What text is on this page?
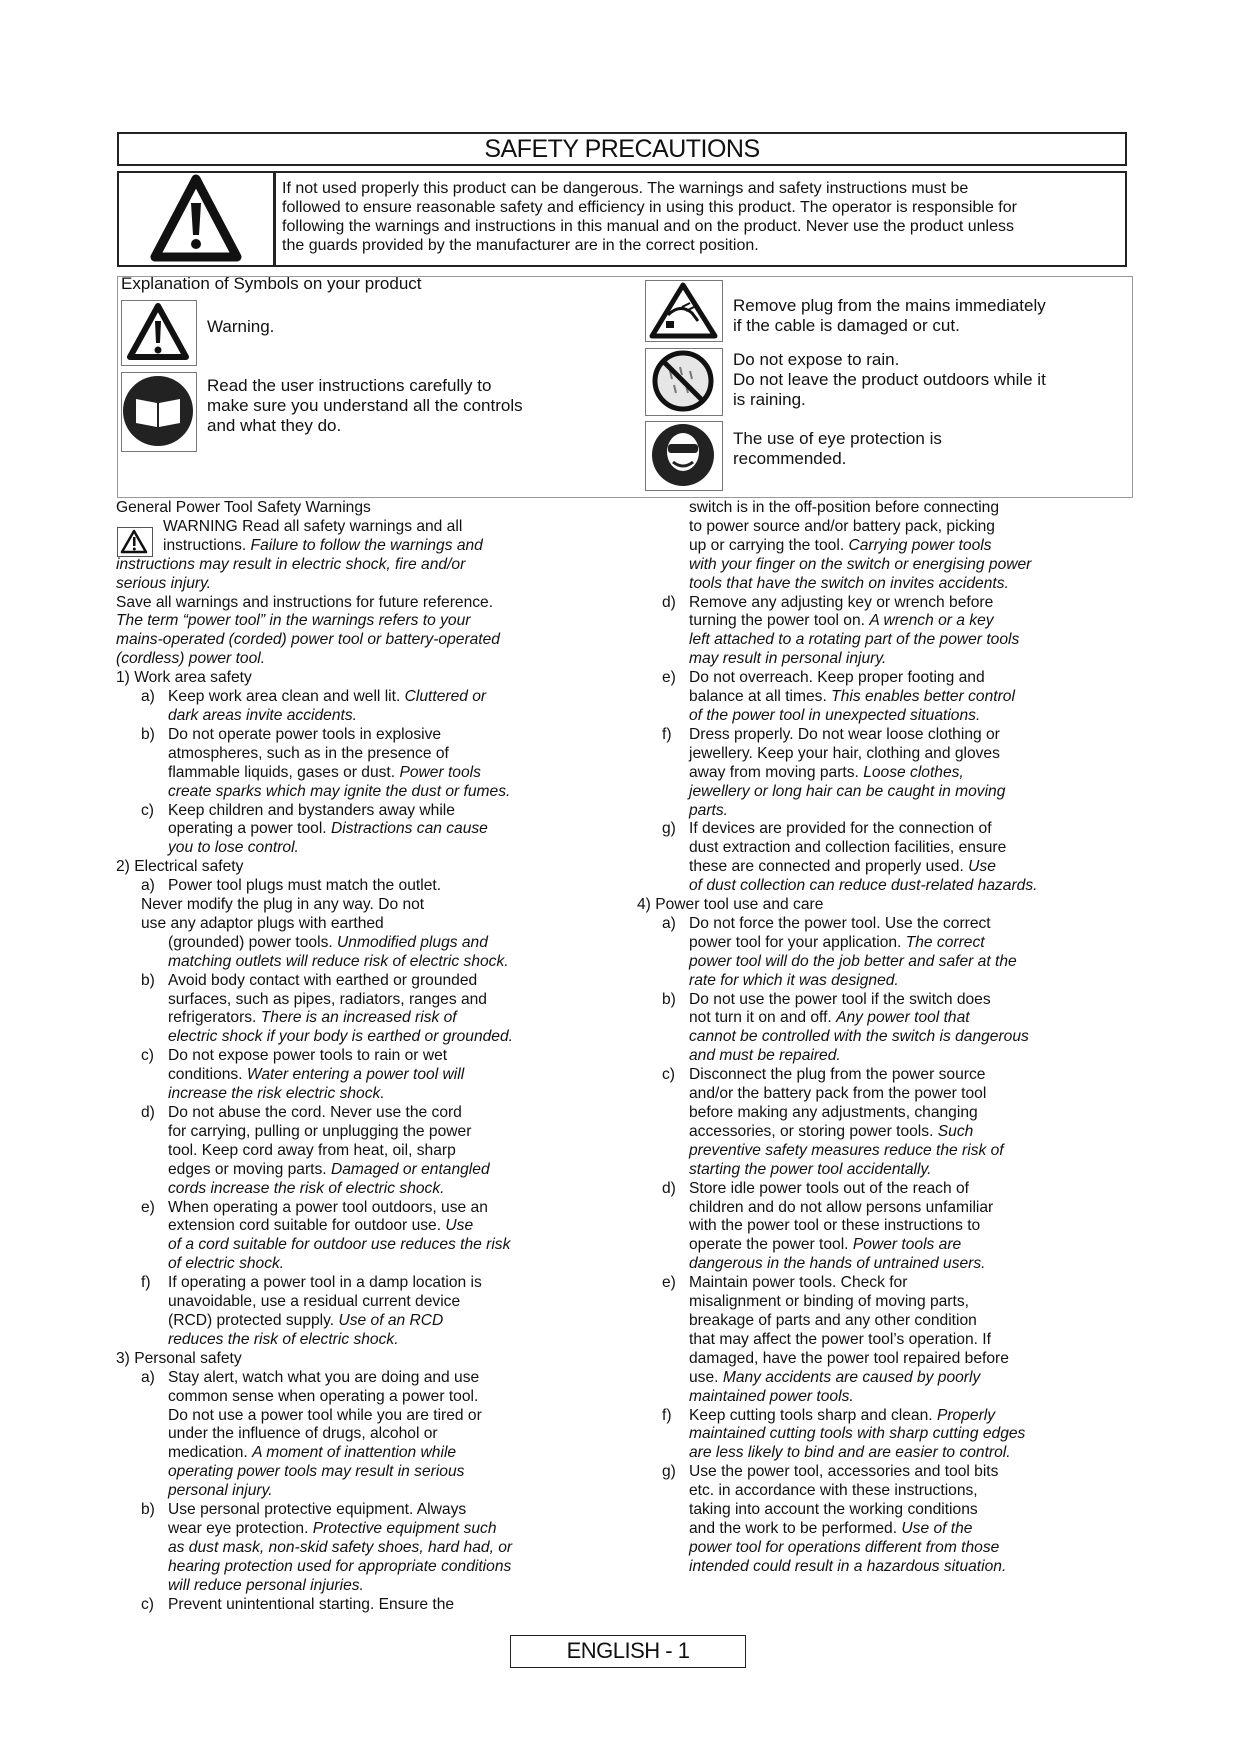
SAFETY PRECAUTIONS
If not used properly this product can be dangerous. The warnings and safety instructions must be
followed to ensure reasonable safety and efficiency in using this product. The operator is responsible for
following the warnings and instructions in this manual and on the product. Never use the product unless
the guards provided by the manufacturer are in the correct position.
Explanation of Symbols on your product
Warning.
Read the user instructions carefully to
make sure you understand all the controls
and what they do.
Remove plug from the mains immediately
if the cable is damaged or cut.
Do not expose to rain.
Do not leave the product outdoors while it
is raining.
The use of eye protection is
recommended.
General Power Tool Safety Warnings
WARNING Read all safety warnings and all
instructions. Failure to follow the warnings and
instructions may result in electric shock, fire and/or
serious injury.
Save all warnings and instructions for future reference.
The term “power tool” in the warnings refers to your
mains-operated (corded) power tool or battery-operated
(cordless) power tool.
1) Work area safety
a) Keep work area clean and well lit. Cluttered or
dark areas invite accidents.
b) Do not operate power tools in explosive
atmospheres, such as in the presence of
flammable liquids, gases or dust. Power tools
create sparks which may ignite the dust or fumes.
c) Keep children and bystanders away while
operating a power tool. Distractions can cause
you to lose control.
2) Electrical safety
a) Power tool plugs must match the outlet.
Never modify the plug in any way. Do not
use any adaptor plugs with earthed
(grounded) power tools. Unmodified plugs and
matching outlets will reduce risk of electric shock.
b) Avoid body contact with earthed or grounded
surfaces, such as pipes, radiators, ranges and
refrigerators. There is an increased risk of
electric shock if your body is earthed or grounded.
c) Do not expose power tools to rain or wet
conditions. Water entering a power tool will
increase the risk electric shock.
d) Do not abuse the cord. Never use the cord
for carrying, pulling or unplugging the power
tool. Keep cord away from heat, oil, sharp
edges or moving parts. Damaged or entangled
cords increase the risk of electric shock.
e) When operating a power tool outdoors, use an
extension cord suitable for outdoor use. Use
of a cord suitable for outdoor use reduces the risk
of electric shock.
f) If operating a power tool in a damp location is
unavoidable, use a residual current device
(RCD) protected supply. Use of an RCD
reduces the risk of electric shock.
3) Personal safety
a) Stay alert, watch what you are doing and use
common sense when operating a power tool.
Do not use a power tool while you are tired or
under the influence of drugs, alcohol or
medication. A moment of inattention while
operating power tools may result in serious
personal injury.
b) Use personal protective equipment. Always
wear eye protection. Protective equipment such
as dust mask, non-skid safety shoes, hard had, or
hearing protection used for appropriate conditions
will reduce personal injuries.
c) Prevent unintentional starting. Ensure the
switch is in the off-position before connecting
to power source and/or battery pack, picking
up or carrying the tool. Carrying power tools
with your finger on the switch or energising power
tools that have the switch on invites accidents.
d) Remove any adjusting key or wrench before
turning the power tool on. A wrench or a key
left attached to a rotating part of the power tools
may result in personal injury.
e) Do not overreach. Keep proper footing and
balance at all times. This enables better control
of the power tool in unexpected situations.
f) Dress properly. Do not wear loose clothing or
jewellery. Keep your hair, clothing and gloves
away from moving parts. Loose clothes,
jewellery or long hair can be caught in moving
parts.
g) If devices are provided for the connection of
dust extraction and collection facilities, ensure
these are connected and properly used. Use
of dust collection can reduce dust-related hazards.
4) Power tool use and care
a) Do not force the power tool. Use the correct
power tool for your application. The correct
power tool will do the job better and safer at the
rate for which it was designed.
b) Do not use the power tool if the switch does
not turn it on and off. Any power tool that
cannot be controlled with the switch is dangerous
and must be repaired.
c) Disconnect the plug from the power source
and/or the battery pack from the power tool
before making any adjustments, changing
accessories, or storing power tools. Such
preventive safety measures reduce the risk of
starting the power tool accidentally.
d) Store idle power tools out of the reach of
children and do not allow persons unfamiliar
with the power tool or these instructions to
operate the power tool. Power tools are
dangerous in the hands of untrained users.
e) Maintain power tools. Check for
misalignment or binding of moving parts,
breakage of parts and any other condition
that may affect the power tool’s operation. If
damaged, have the power tool repaired before
use. Many accidents are caused by poorly
maintained power tools.
f) Keep cutting tools sharp and clean. Properly
maintained cutting tools with sharp cutting edges
are less likely to bind and are easier to control.
g) Use the power tool, accessories and tool bits
etc. in accordance with these instructions,
taking into account the working conditions
and the work to be performed. Use of the
power tool for operations different from those
intended could result in a hazardous situation.
ENGLISH - 1
